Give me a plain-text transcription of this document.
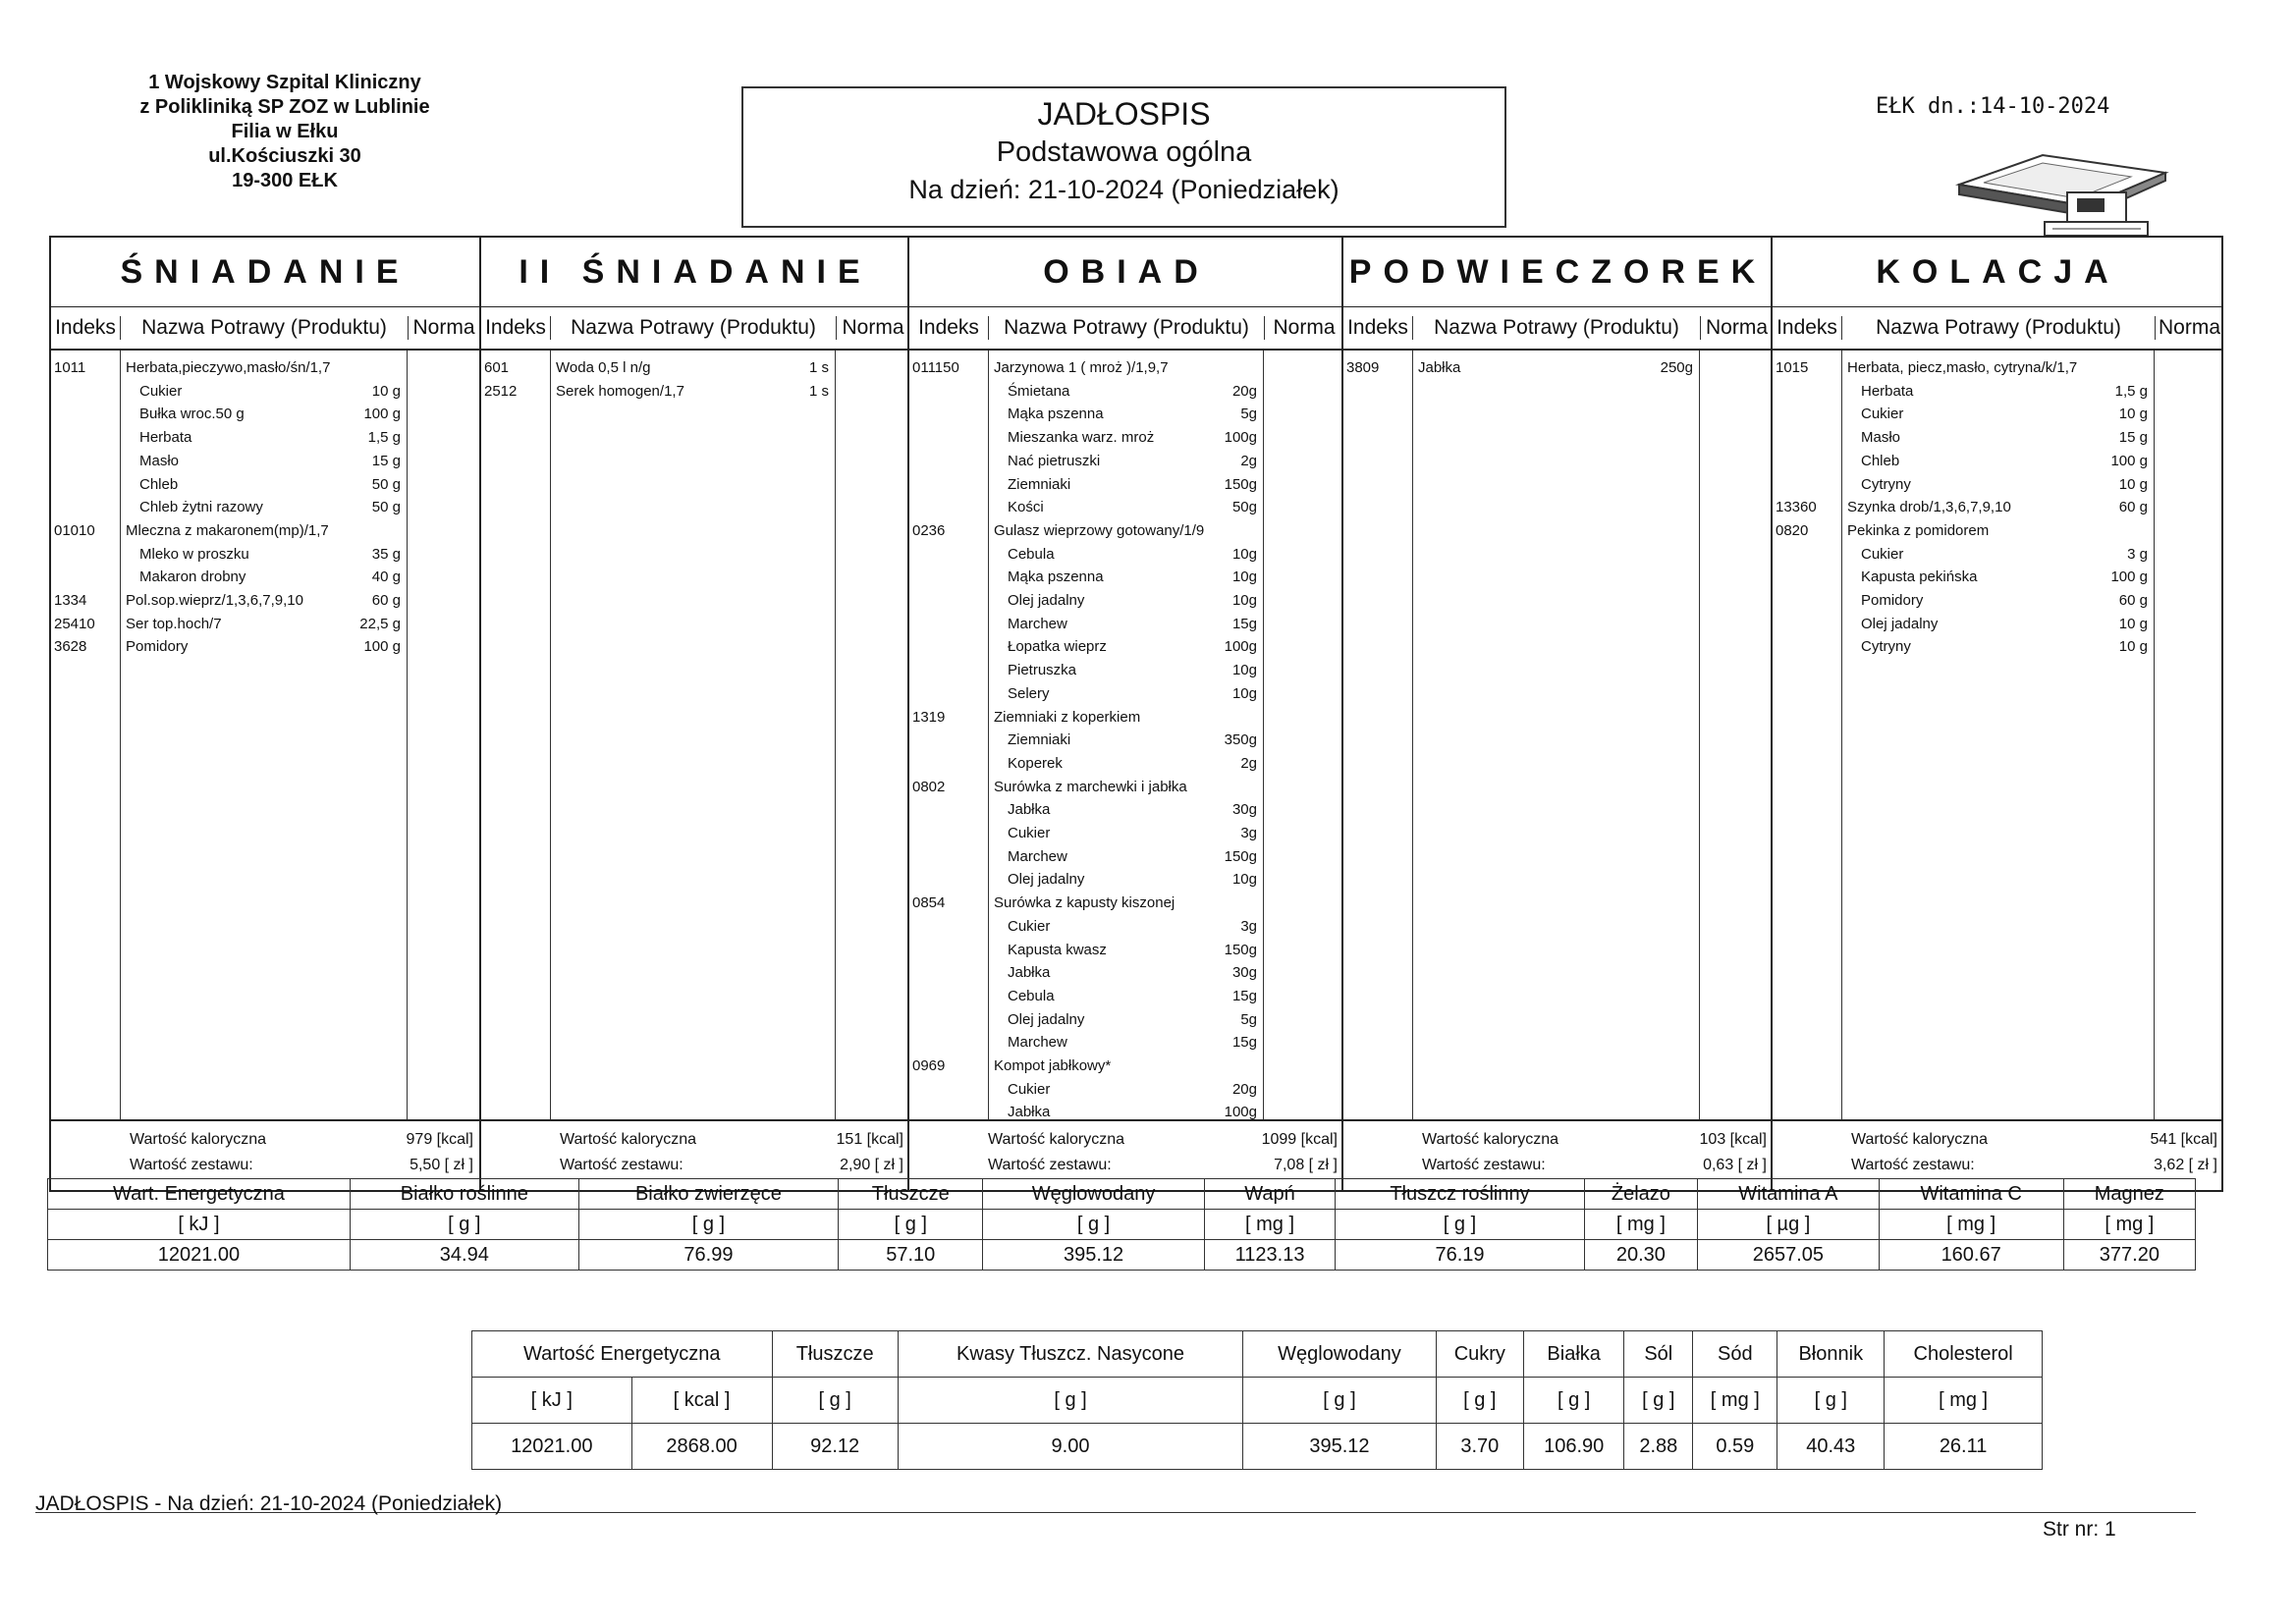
1 Wojskowy Szpital Kliniczny
z Polikliniką SP ZOZ w Lublinie
Filia w Ełku
ul.Kościuszki 30
19-300 EŁK
JADŁOSPIS
Podstawowa ogólna
Na dzień: 21-10-2024 (Poniedziałek)
EŁK dn.:14-10-2024
ŚNIADANIE
Indeks	Nazwa Potrawy (Produktu)	Norma
1011	Herbata,pieczywo,masło/śn/1,7
Cukier	10 g
Bułka wroc.50 g	100 g
Herbata	1,5 g
Masło	15 g
Chleb	50 g
Chleb żytni razowy	50 g
01010 Mleczna z makaronem(mp)/1,7
Mleko w proszku	35 g
Makaron drobny	40 g
1334	Pol.sop.wieprz/1,3,6,7,9,10	60 g
25410 Ser top.hoch/7	22,5 g
3628	Pomidory	100 g
Wartość kaloryczna
Wartość zestawu:
979 [kcal]
5,50 [ zł ]
II ŚNIADANIE
Indeks	Nazwa Potrawy (Produktu)	Norma
601	Woda 0,5 l n/g	1 s
2512	Serek homogen/1,7	1 s
Wartość kaloryczna
Wartość zestawu:
151 [kcal]
2,90 [ zł ]
OBIAD
Indeks	Nazwa Potrawy (Produktu)	Norma
011150 Jarzynowa 1 ( mroż )/1,9,7
Śmietana	20g
Mąka pszenna	5g
Mieszanka warz. mroż	100g
Nać pietruszki	2g
Ziemniaki	150g
Kości	50g
0236	Gulasz wieprzowy gotowany/1/9
Cebula	10g
Mąka pszenna	10g
Olej jadalny	10g
Marchew	15g
Łopatka wieprz	100g
Pietruszka	10g
Selery	10g
1319	Ziemniaki z koperkiem
Ziemniaki	350g
Koperek	2g
0802	Surówka z marchewki i jabłka
Jabłka	30g
Cukier	3g
Marchew	150g
Olej jadalny	10g
0854	Surówka z kapusty kiszonej
Cukier	3g
Kapusta kwasz	150g
Jabłka	30g
Cebula	15g
Olej jadalny	5g
Marchew	15g
0969	Kompot jabłkowy*
Cukier	20g
Jabłka	100g
Wartość kaloryczna
Wartość zestawu:
1099 [kcal]
7,08 [ zł ]
PODWIECZOREK
Indeks	Nazwa Potrawy (Produktu)	Norma
3809	Jabłka	250g
Wartość kaloryczna
Wartość zestawu:
103 [kcal]
0,63 [ zł ]
KOLACJA
Indeks	Nazwa Potrawy (Produktu)	Norma
1015	Herbata, piecz,masło, cytryna/k/1,7
Herbata	1,5 g
Cukier	10 g
Masło	15 g
Chleb	100 g
Cytryny	10 g
13360 Szynka drob/1,3,6,7,9,10	60 g
0820	Pekinka z pomidorem
Cukier	3 g
Kapusta pekińska	100 g
Pomidory	60 g
Olej jadalny	10 g
Cytryny	10 g
Wartość kaloryczna
Wartość zestawu:
541 [kcal]
3,62 [ zł ]
Wart. Energetyczna	Białko roślinne	Białko zwierzęce	Tłuszcze	Węglowodany	Wapń	Tłuszcz roślinny	Żelazo	Witamina A	Witamina C	Magnez
[ kJ ]	[ g ]	[ g ]	[ g ]	[ g ]	[ mg ]	[ g ]	[ mg ]	[ µg ]	[ mg ]	[ mg ]
12021.00	34.94	76.99	57.10	395.12	1123.13	76.19	20.30	2657.05	160.67	377.20
Wartość Energetyczna		Tłuszcze	Kwasy Tłuszcz. Nasycone	Węglowodany	Cukry	Białka	Sól	Sód	Błonnik	Cholesterol
[ kJ ]	[ kcal ]	[ g ]	[ g ]	[ g ]	[ g ]	[ g ]	[ g ]	[ mg ]	[ g ]	[ mg ]
12021.00	2868.00	92.12	9.00	395.12	3.70	106.90	2.88	0.59	40.43	26.11
JADŁOSPIS - Na dzień: 21-10-2024 (Poniedziałek)
Str nr: 1
